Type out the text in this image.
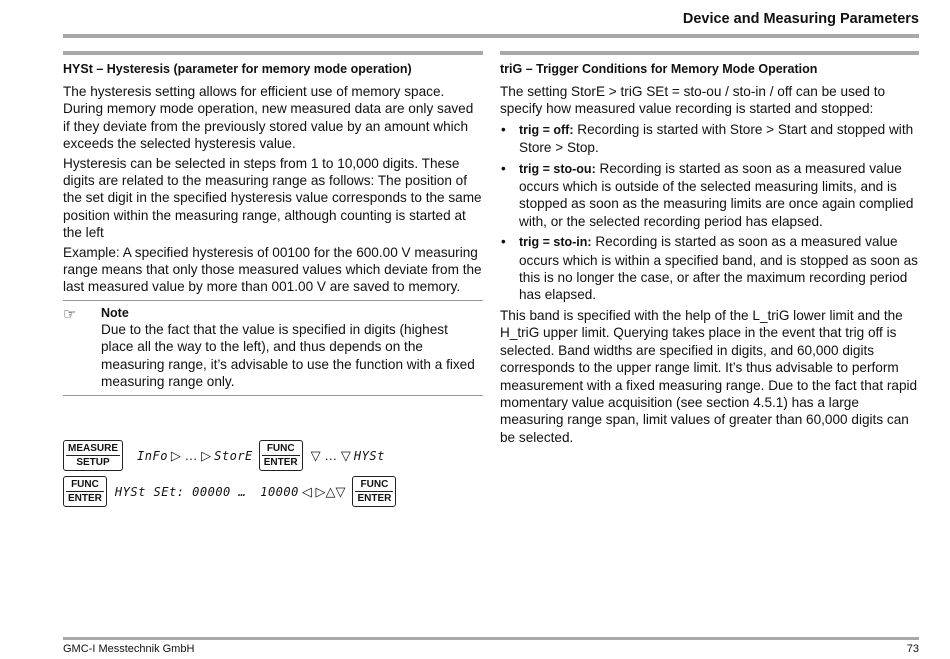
Device and Measuring Parameters
HYSt – Hysteresis (parameter for memory mode operation)

The hysteresis setting allows for efficient use of memory space. During memory mode operation, new measured data are only saved if they deviate from the previously stored value by an amount which exceeds the selected hysteresis value.

Hysteresis can be selected in steps from 1 to 10,000 digits. These digits are related to the measuring range as follows: The position of the set digit in the specified hysteresis value corresponds to the same position within the measuring range, although counting is started at the left

Example: A specified hysteresis of 00100 for the 600.00 V measuring range means that only those measured values which deviate from the last measured value by more than 001.00 V are saved to memory.

☞ Note

Due to the fact that the value is specified in digits (highest place all the way to the left), and thus depends on the measuring range, it’s advisable to use the function with a fixed measuring range only.

MEASURE
SETUP	InFo ▷ … ▷ StorE	FUNC
ENTER ▽ … ▽ HYSt
FUNC
ENTER HYSt SEt: 00000 … 10000 ◁ ▷△▽	FUNC
ENTER
triG – Trigger Conditions for Memory Mode Operation

The setting StorE > triG SEt = sto-ou / sto-in / off can be used to specify how measured value recording is started and stopped:

• trig = off: Recording is started with Store > Start and stopped with Store > Stop.

• trig = sto-ou: Recording is started as soon as a measured value occurs which is outside of the selected measuring limits, and is stopped as soon as the measuring limits are once again complied with, or the selected recording period has elapsed.

• trig = sto-in: Recording is started as soon as a measured value occurs which is within a specified band, and is stopped as soon as this is no longer the case, or after the maximum recording period has elapsed.

This band is specified with the help of the L_triG lower limit and the H_triG upper limit. Querying takes place in the event that trig off is selected. Band widths are specified in digits, and 60,000 digits corresponds to the upper range limit. It’s thus advisable to perform measurement with a fixed measuring range. Due to the fact that rapid momentary value acquisition (see section 4.5.1) has a large measuring range span, limit values of greater than 60,000 digits can be selected.

GMC-I Messtechnik GmbH	73
